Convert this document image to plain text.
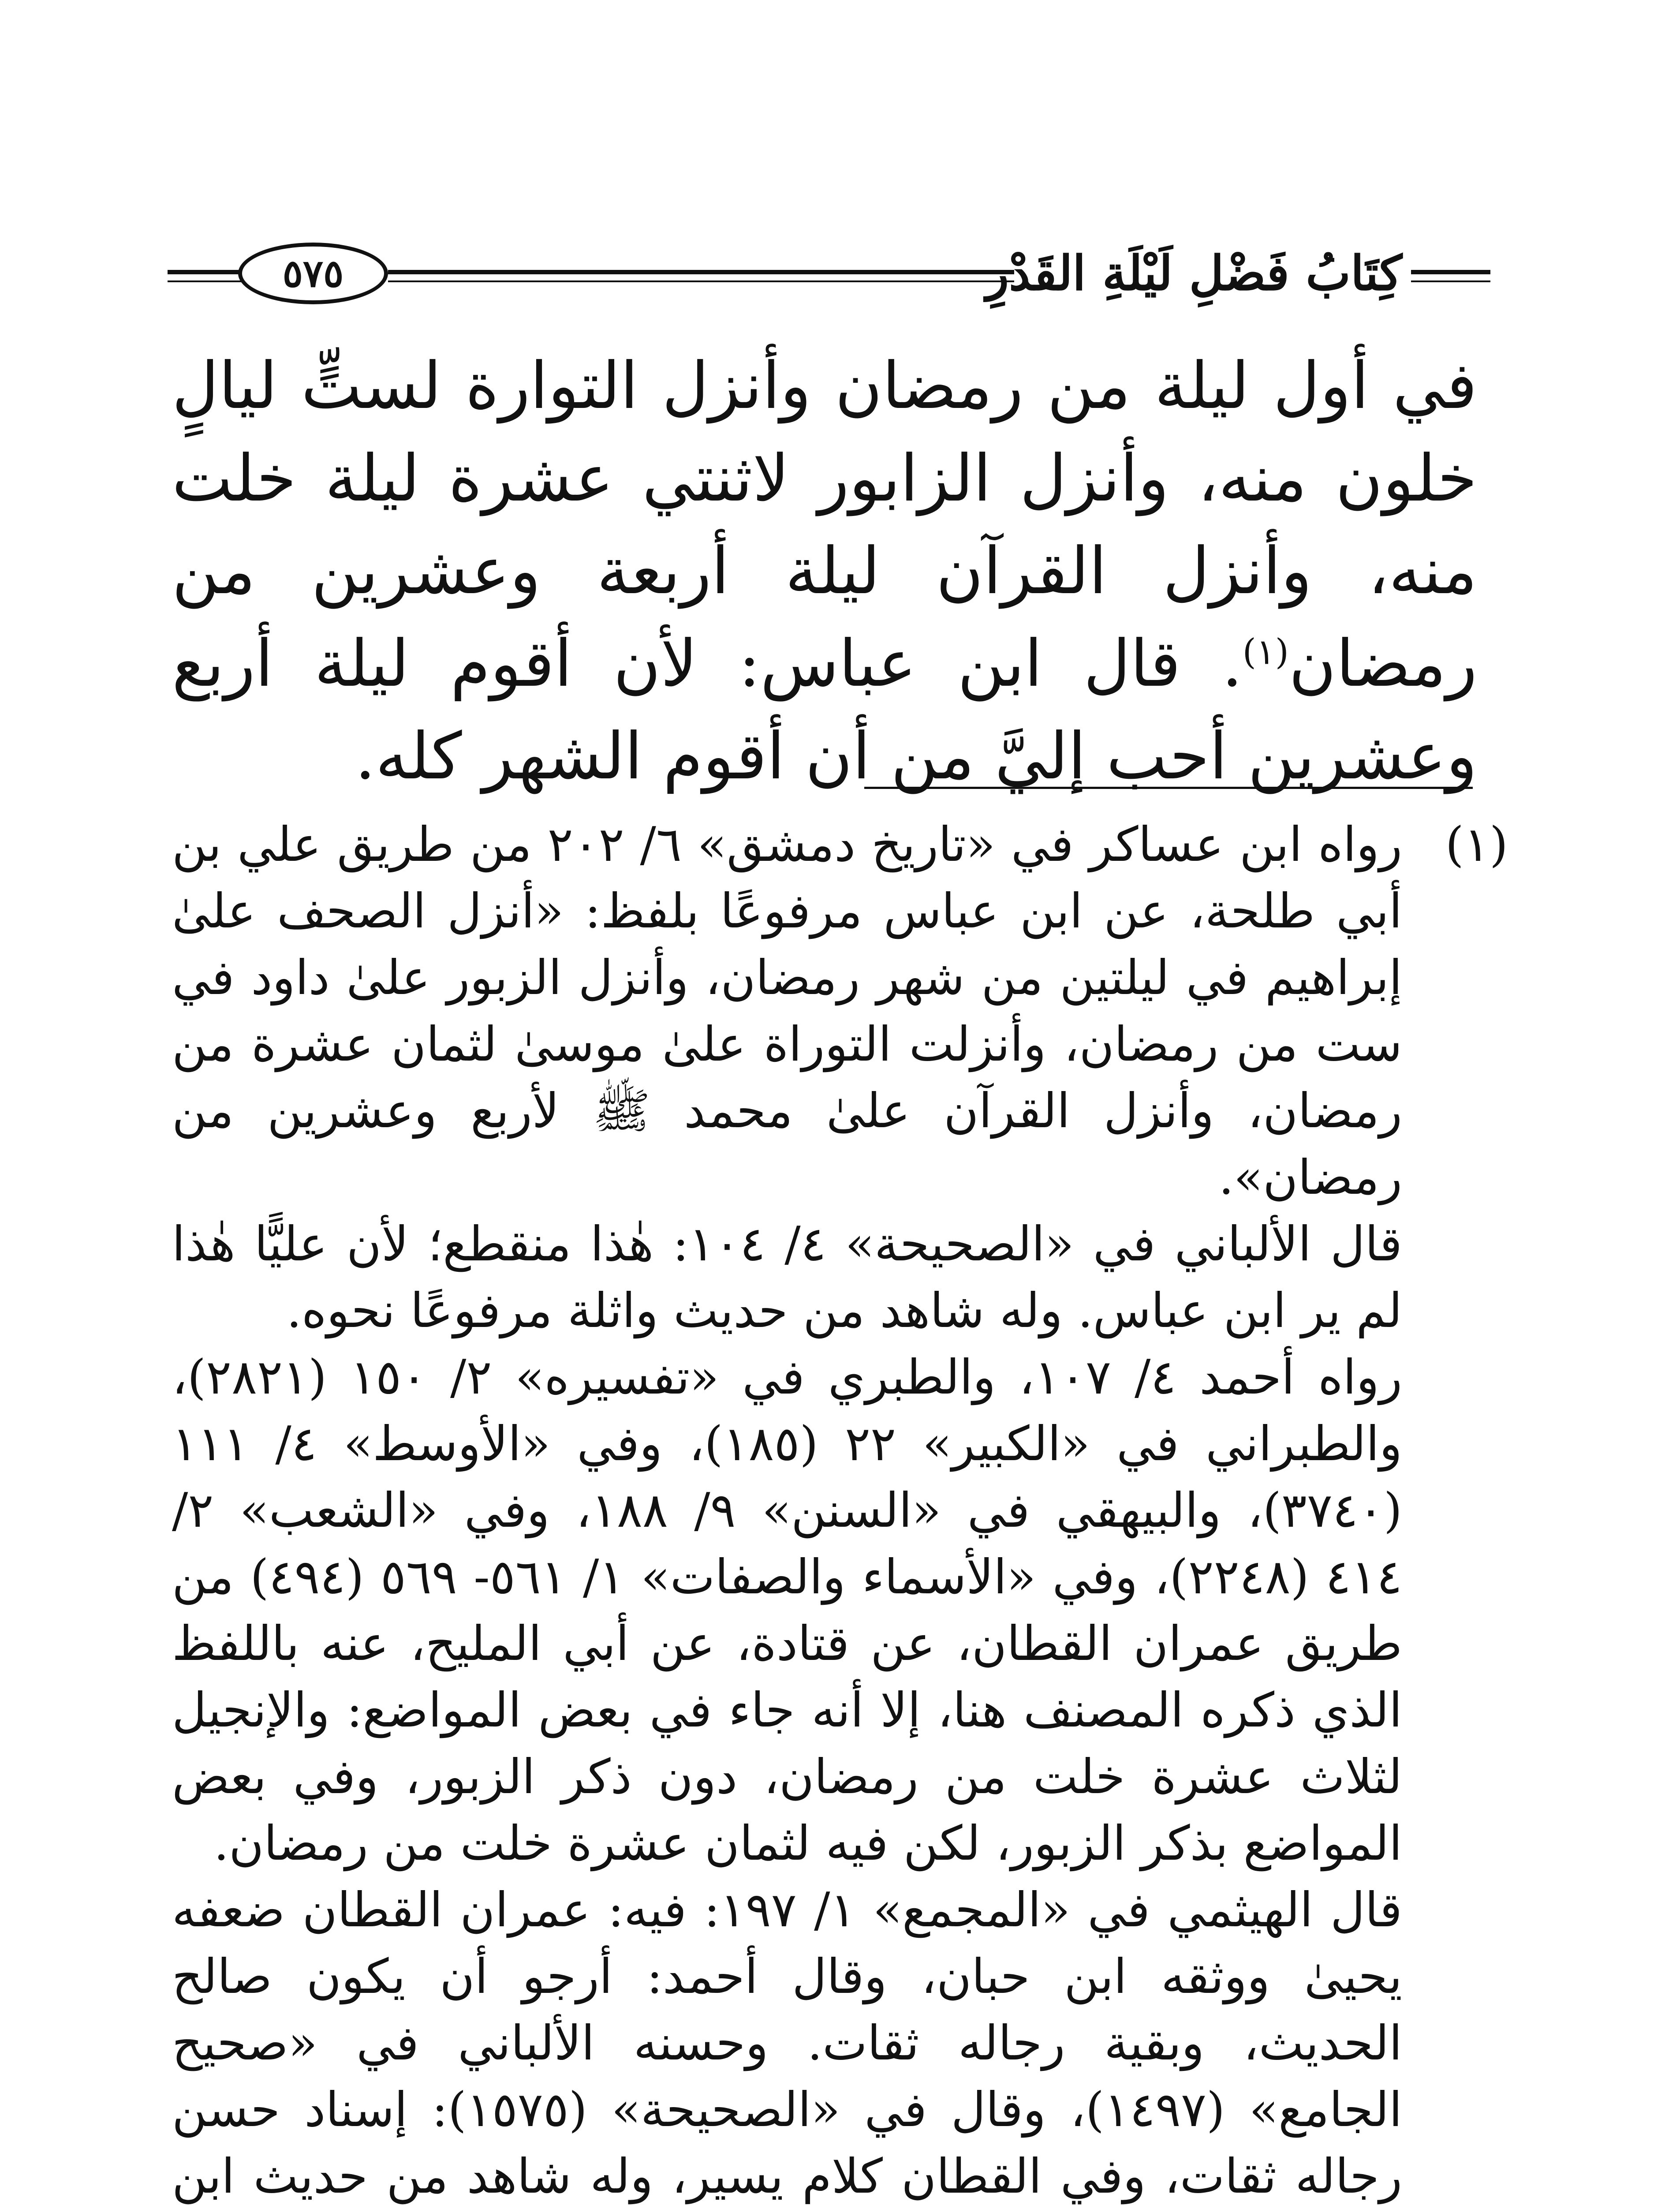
٥٧٥	كِتَابُ فَضْلِ لَيْلَةِ القَدْرِ

في أول ليلة من رمضان وأنزل التوارة لستٍّ ليالٍ خلون منه، وأنزل الزابور لاثنتي عشرة ليلة خلت منه، وأنزل القرآن ليلة أربعة وعشرين من رمضان$^{(١)}$. قال ابن عباس: لأن أقوم ليلة أربع وعشرين أحب إليَّ من أن أقوم الشهر كله.

(١)

رواه ابن عساكر في «تاريخ دمشق» ٦/ ٢٠٢ من طريق علي بن أبي طلحة، عن ابن عباس مرفوعًا بلفظ: «أنزل الصحف علىٰ إبراهيم في ليلتين من شهر رمضان، وأنزل الزبور علىٰ داود في ست من رمضان، وأنزلت التوراة علىٰ موسىٰ لثمان عشرة من رمضان، وأنزل القرآن علىٰ محمد ﷺ لأربع وعشرين من رمضان».

قال الألباني في «الصحيحة» ٤/ ١٠٤: هٰذا منقطع؛ لأن عليًّا هٰذا لم ير ابن عباس. وله شاهد من حديث واثلة مرفوعًا نحوه.

رواه أحمد ٤/ ١٠٧، والطبري في «تفسيره» ٢/ ١٥٠ (٢٨٢١)، والطبراني في «الكبير» ٢٢ (١٨٥)، وفي «الأوسط» ٤/ ١١١ (٣٧٤٠)، والبيهقي في «السنن» ٩/ ١٨٨، وفي «الشعب» ٢/ ٤١٤ (٢٢٤٨)، وفي «الأسماء والصفات» ١/ ٥٦١- ٥٦٩ (٤٩٤) من طريق عمران القطان، عن قتادة، عن أبي المليح، عنه باللفظ الذي ذكره المصنف هنا، إلا أنه جاء في بعض المواضع: والإنجيل لثلاث عشرة خلت من رمضان، دون ذكر الزبور، وفي بعض المواضع بذكر الزبور، لكن فيه لثمان عشرة خلت من رمضان.

قال الهيثمي في «المجمع» ١/ ١٩٧: فيه: عمران القطان ضعفه يحيىٰ ووثقه ابن حبان، وقال أحمد: أرجو أن يكون صالح الحديث، وبقية رجاله ثقات. وحسنه الألباني في «صحيح الجامع» (١٤٩٧)، وقال في «الصحيحة» (١٥٧٥): إسناد حسن رجاله ثقات، وفي القطان كلام يسير، وله شاهد من حديث ابن
